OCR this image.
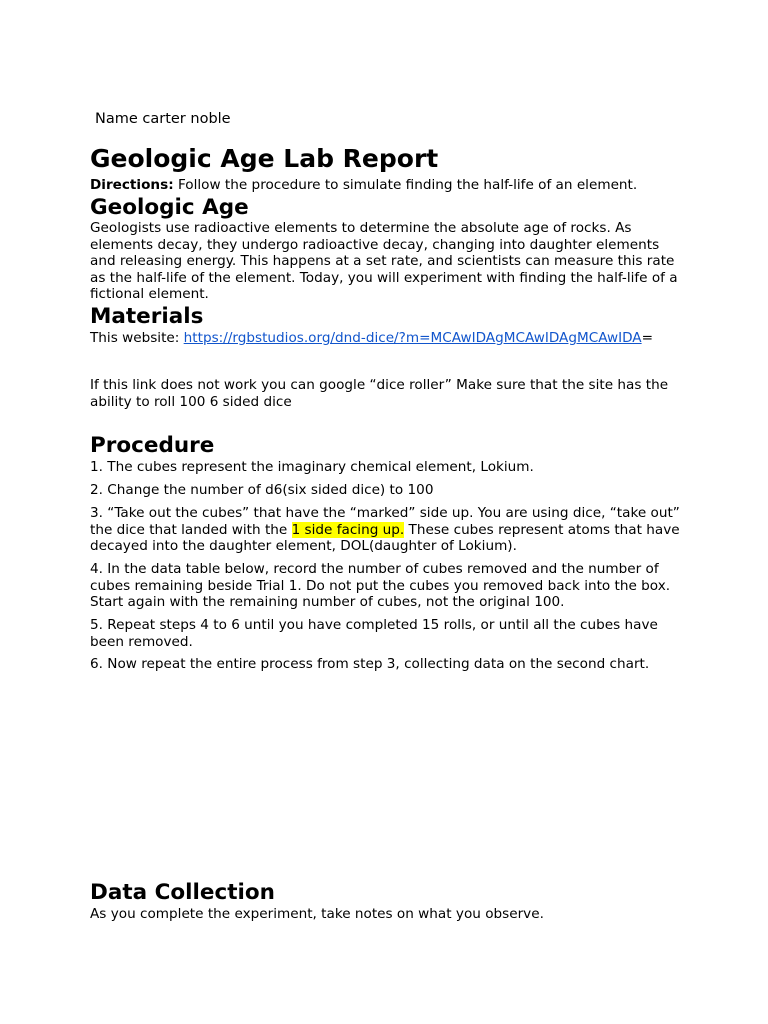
Name carter noble
Geologic Age Lab Report

Directions: Follow the procedure to simulate finding the half-life of an element.

Geologic Age

Geologists use radioactive elements to determine the absolute age of rocks. As elements decay, they undergo radioactive decay, changing into daughter elements and releasing energy. This happens at a set rate, and scientists can measure this rate as the half-life of the element. Today, you will experiment with finding the half-life of a fictional element.

Materials

This website: https://rgbstudios.org/dnd-dice/?m=MCAwIDAgMCAwIDAgMCAwIDA=

If this link does not work you can google “dice roller” Make sure that the site has the ability to roll 100 6 sided dice

Procedure

1. The cubes represent the imaginary chemical element, Lokium.

2. Change the number of d6(six sided dice) to 100

3. “Take out the cubes” that have the “marked” side up. You are using dice, “take out” the dice that landed with the 1 side facing up. These cubes represent atoms that have decayed into the daughter element, DOL(daughter of Lokium).

4. In the data table below, record the number of cubes removed and the number of cubes remaining beside Trial 1. Do not put the cubes you removed back into the box. Start again with the remaining number of cubes, not the original 100.

5. Repeat steps 4 to 6 until you have completed 15 rolls, or until all the cubes have been removed.

6. Now repeat the entire process from step 3, collecting data on the second chart.

Data Collection

As you complete the experiment, take notes on what you observe.
